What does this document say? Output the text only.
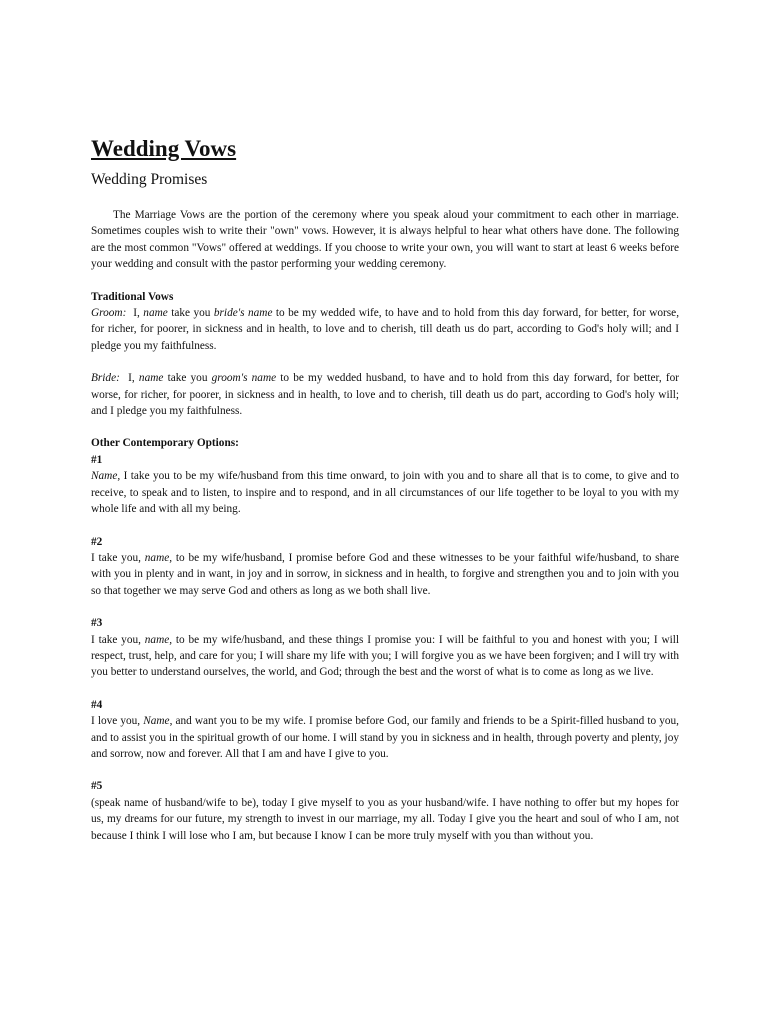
Wedding Vows
Wedding Promises

The Marriage Vows are the portion of the ceremony where you speak aloud your commitment to each other in marriage. Sometimes couples wish to write their "own" vows. However, it is always helpful to hear what others have done. The following are the most common "Vows" offered at weddings. If you choose to write your own, you will want to start at least 6 weeks before your wedding and consult with the pastor performing your wedding ceremony.

Traditional Vows

Groom: I, name take you bride's name to be my wedded wife, to have and to hold from this day forward, for better, for worse, for richer, for poorer, in sickness and in health, to love and to cherish, till death us do part, according to God's holy will; and I pledge you my faithfulness.

Bride: I, name take you groom's name to be my wedded husband, to have and to hold from this day forward, for better, for worse, for richer, for poorer, in sickness and in health, to love and to cherish, till death us do part, according to God's holy will; and I pledge you my faithfulness.

Other Contemporary Options:

#1

Name, I take you to be my wife/husband from this time onward, to join with you and to share all that is to come, to give and to receive, to speak and to listen, to inspire and to respond, and in all circumstances of our life together to be loyal to you with my whole life and with all my being.

#2

I take you, name, to be my wife/husband, I promise before God and these witnesses to be your faithful wife/husband, to share with you in plenty and in want, in joy and in sorrow, in sickness and in health, to forgive and strengthen you and to join with you so that together we may serve God and others as long as we both shall live.

#3

I take you, name, to be my wife/husband, and these things I promise you: I will be faithful to you and honest with you; I will respect, trust, help, and care for you; I will share my life with you; I will forgive you as we have been forgiven; and I will try with you better to understand ourselves, the world, and God; through the best and the worst of what is to come as long as we live.

#4

I love you, Name, and want you to be my wife. I promise before God, our family and friends to be a Spirit-filled husband to you, and to assist you in the spiritual growth of our home. I will stand by you in sickness and in health, through poverty and plenty, joy and sorrow, now and forever. All that I am and have I give to you.

#5

(speak name of husband/wife to be), today I give myself to you as your husband/wife. I have nothing to offer but my hopes for us, my dreams for our future, my strength to invest in our marriage, my all. Today I give you the heart and soul of who I am, not because I think I will lose who I am, but because I know I can be more truly myself with you than without you.
